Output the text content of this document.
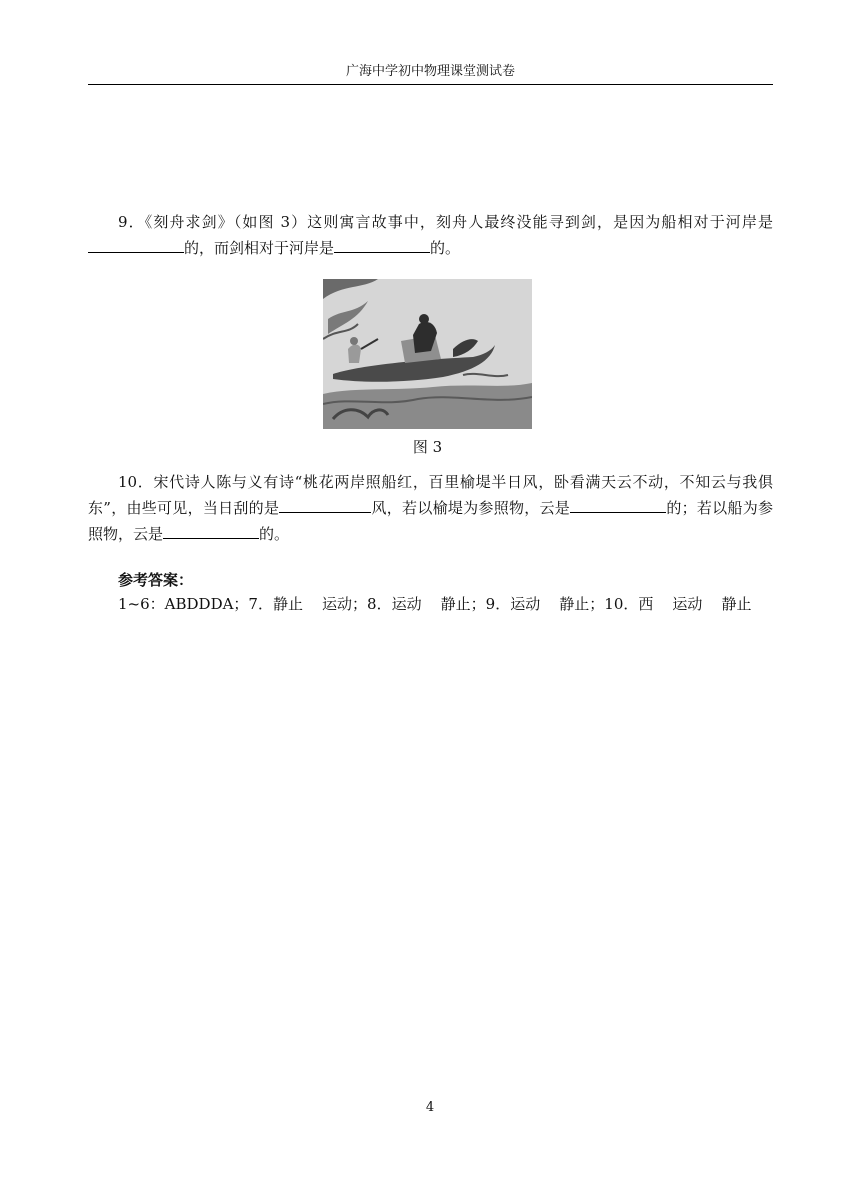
广海中学初中物理课堂测试卷
9．《刻舟求剑》（如图 3）这则寓言故事中，刻舟人最终没能寻到剑，是因为船相对于河岸是的，而剑相对于河岸是	的。
图 3
10．宋代诗人陈与义有诗“桃花两岸照船红，百里榆堤半日风，卧看满天云不动，不知云与我俱东”，由些可见，当日刮的是	风，若以榆堤为参照物，云是	的；若以船为参照物，云是	的。
参考答案：
1~6：ABDDDA；7．静止    运动；8．运动    静止；9．运动    静止；10．西    运动    静止
4
